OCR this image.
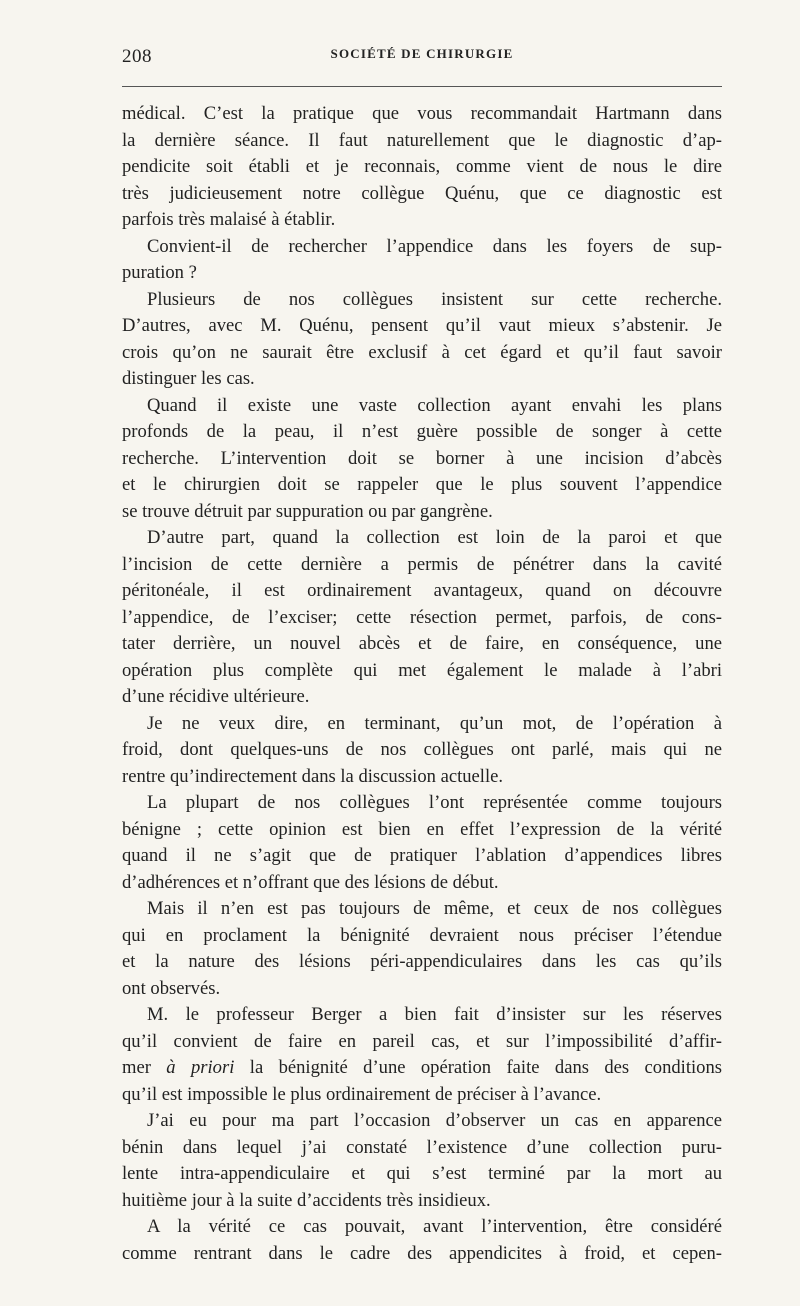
208	SOCIÉTÉ DE CHIRURGIE

médical. C’est la pratique que vous recommandait Hartmann dans

la dernière séance. Il faut naturellement que le diagnostic d’ap-

pendicite soit établi et je reconnais, comme vient de nous le dire

très judicieusement notre collègue Quénu, que ce diagnostic est

parfois très malaisé à établir.

Convient-il de rechercher l’appendice dans les foyers de sup-

puration ?

Plusieurs de nos collègues insistent sur cette recherche.

D’autres, avec M. Quénu, pensent qu’il vaut mieux s’abstenir. Je

crois qu’on ne saurait être exclusif à cet égard et qu’il faut savoir

distinguer les cas.

Quand il existe une vaste collection ayant envahi les plans

profonds de la peau, il n’est guère possible de songer à cette

recherche. L’intervention doit se borner à une incision d’abcès

et le chirurgien doit se rappeler que le plus souvent l’appendice

se trouve détruit par suppuration ou par gangrène.

D’autre part, quand la collection est loin de la paroi et que

l’incision de cette dernière a permis de pénétrer dans la cavité

péritonéale, il est ordinairement avantageux, quand on découvre

l’appendice, de l’exciser; cette résection permet, parfois, de cons-

tater derrière, un nouvel abcès et de faire, en conséquence, une

opération plus complète qui met également le malade à l’abri

d’une récidive ultérieure.

Je ne veux dire, en terminant, qu’un mot, de l’opération à

froid, dont quelques-uns de nos collègues ont parlé, mais qui ne

rentre qu’indirectement dans la discussion actuelle.

La plupart de nos collègues l’ont représentée comme toujours

bénigne ; cette opinion est bien en effet l’expression de la vérité

quand il ne s’agit que de pratiquer l’ablation d’appendices libres

d’adhérences et n’offrant que des lésions de début.

Mais il n’en est pas toujours de même, et ceux de nos collègues

qui en proclament la bénignité devraient nous préciser l’étendue

et la nature des lésions péri-appendiculaires dans les cas qu’ils

ont observés.

M. le professeur Berger a bien fait d’insister sur les réserves

qu’il convient de faire en pareil cas, et sur l’impossibilité d’affir-

mer à priori la bénignité d’une opération faite dans des conditions

qu’il est impossible le plus ordinairement de préciser à l’avance.

J’ai eu pour ma part l’occasion d’observer un cas en apparence

bénin dans lequel j’ai constaté l’existence d’une collection puru-

lente intra-appendiculaire et qui s’est terminé par la mort au

huitième jour à la suite d’accidents très insidieux.

A la vérité ce cas pouvait, avant l’intervention, être considéré

comme rentrant dans le cadre des appendicites à froid, et cepen-
